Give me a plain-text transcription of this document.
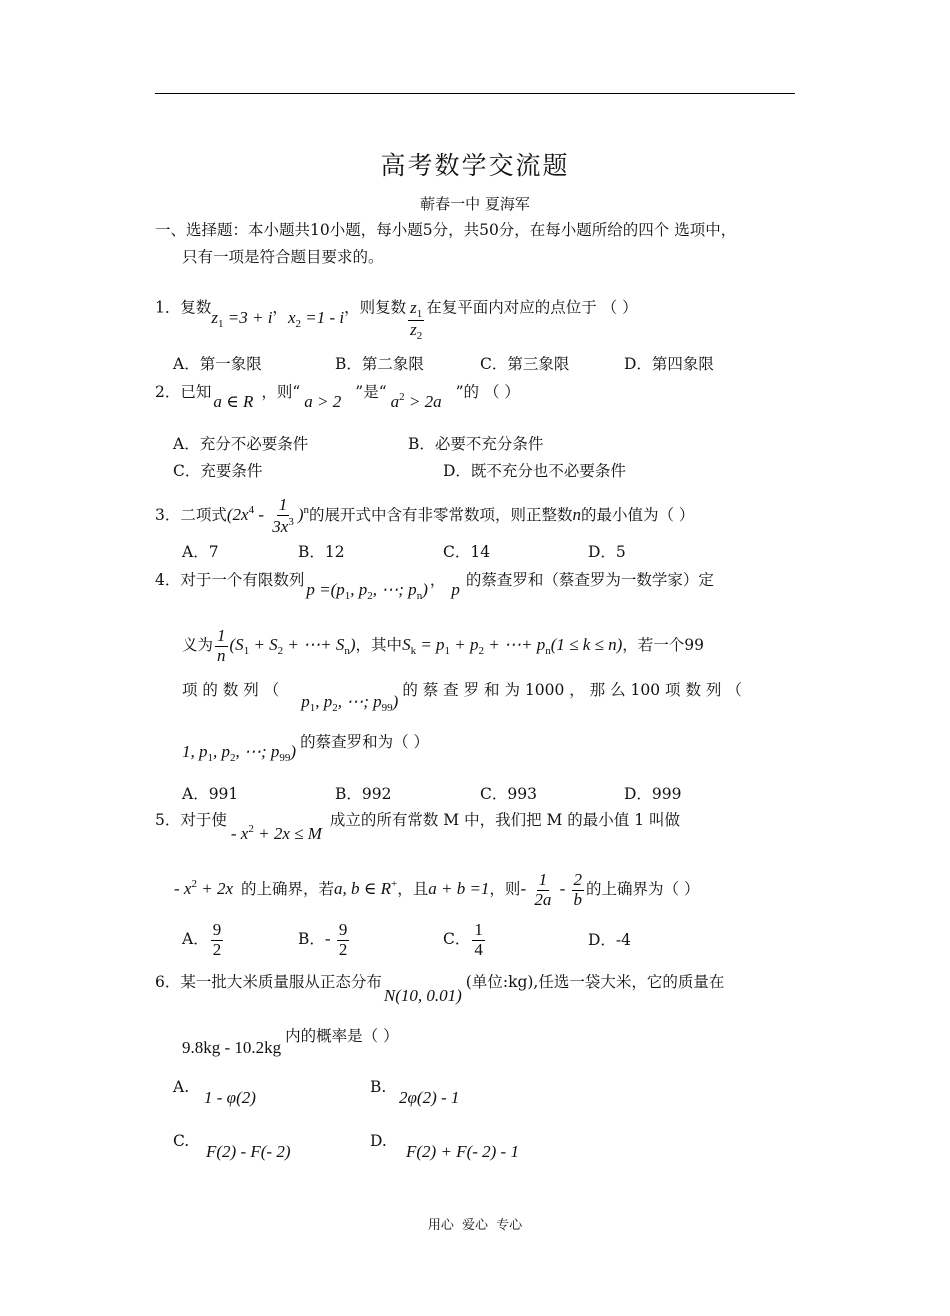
高考数学交流题
蕲春一中 夏海军
一、选择题：本小题共10小题，每小题5分，共50分，在每小题所给的四个 选项中，
只有一项是符合题目要求的。
1．复数$z_1 =3 + i$，$x_2 =1 - i$，则复数 $\frac{z_1}{z_2}$ 在复平面内对应的点位于 （ ）
A．第一象限	B．第二象限	C．第三象限	D．第四象限
2．已知 a ∈ R ，则“ a > 2 ”是“ $a^2 > 2a$ ”的 （ ）
A．充分不必要条件	B．必要不充分条件
C．充要条件	D．既不充分也不必要条件
3．二项式$(2x^4 - \frac{1}{3x^3} )^n$的展开式中含有非零常数项，则正整数n的最小值为（ ）
A．7	B．12	C．14	D．5
4．对于一个有限数列 $p =(p_1$, $p_2$, ⋯; $p_n$) ， p 的蔡查罗和（蔡查罗为一数学家）定
义为 $\frac{1}{n} (S_1 + S_2$ + ⋯+ $S_n$)，其中$S_k = p_1 + p_2$ + ⋯+ $p_n(1 \le k \le n)$，若一个99
项 的 数 列 （$p_1$, $p_2$, ⋯; $p_{99}$)的 蔡 查 罗 和 为 1000 ， 那 么 100 项 数 列 （
1, $p_1$, $p_2$, ⋯; $p_{99}$) 的蔡查罗和为（ ）
A．991	B．992	C．993	D．999
5．对于使- $x^2 + 2x \le M$成立的所有常数 M 中，我们把 M 的最小值 1 叫做
- $x^2 + 2x$ 的上确界，若a, b ∈ R+，且a + b =1，则- $\frac{1}{2a} - \frac{2}{b}$ 的上确界为（ ）
A． $\frac{9}{2}$	B．- $\frac{9}{2}$	C． $\frac{1}{4}$	D．-4
6．某一批大米质量服从正态分布N(10, 0.01)(单位:kg),任选一袋大米，它的质量在
9.8kg - 10.2kg内的概率是（ ）
A.
1 - φ(2)
B.
2φ(2) - 1
C.
F(2) - F(- 2)
D.
F(2) + F(- 2) - 1
用心 爱心 专心
